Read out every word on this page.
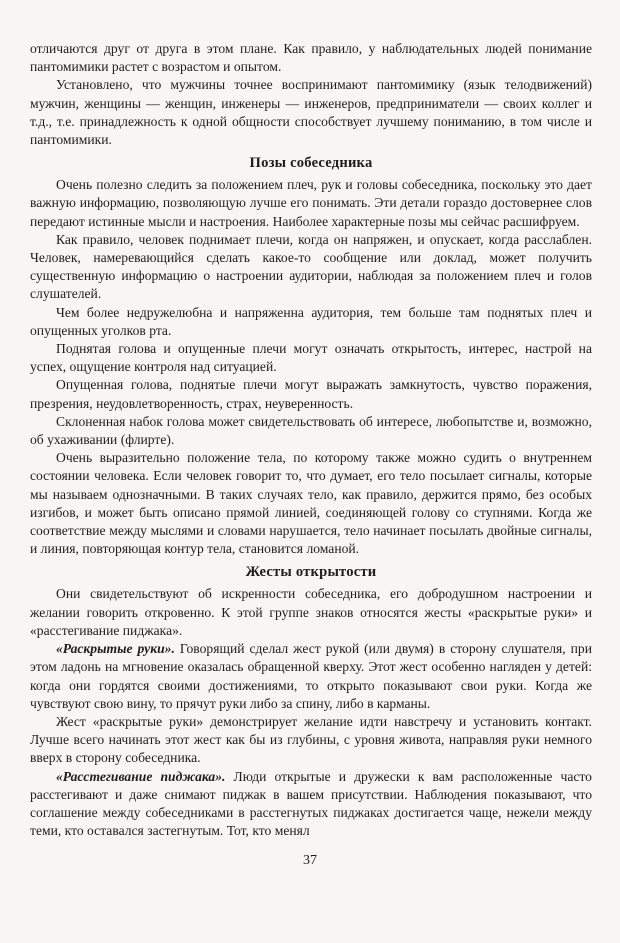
отличаются друг от друга в этом плане. Как правило, у наблюдательных людей понимание пантомимики растет с возрастом и опытом.

Установлено, что мужчины точнее воспринимают пантомимику (язык телодвижений) мужчин, женщины — женщин, инженеры — инженеров, предприниматели — своих коллег и т.д., т.е. принадлежность к одной общности способствует лучшему пониманию, в том числе и пантомимики.

Позы собеседника

Очень полезно следить за положением плеч, рук и головы собеседника, поскольку это дает важную информацию, позволяющую лучше его понимать. Эти детали гораздо достовернее слов передают истинные мысли и настроения. Наиболее характерные позы мы сейчас расшифруем.

Как правило, человек поднимает плечи, когда он напряжен, и опускает, когда расслаблен. Человек, намеревающийся сделать какое-то сообщение или доклад, может получить существенную информацию о настроении аудитории, наблюдая за положением плеч и голов слушателей.

Чем более недружелюбна и напряженна аудитория, тем больше там поднятых плеч и опущенных уголков рта.

Поднятая голова и опущенные плечи могут означать открытость, интерес, настрой на успех, ощущение контроля над ситуацией.

Опущенная голова, поднятые плечи могут выражать замкнутость, чувство поражения, презрения, неудовлетворенность, страх, неуверенность.

Склоненная набок голова может свидетельствовать об интересе, любопытстве и, возможно, об ухаживании (флирте).

Очень выразительно положение тела, по которому также можно судить о внутреннем состоянии человека. Если человек говорит то, что думает, его тело посылает сигналы, которые мы называем однозначными. В таких случаях тело, как правило, держится прямо, без особых изгибов, и может быть описано прямой линией, соединяющей голову со ступнями. Когда же соответствие между мыслями и словами нарушается, тело начинает посылать двойные сигналы, и линия, повторяющая контур тела, становится ломаной.

Жесты открытости

Они свидетельствуют об искренности собеседника, его добродушном настроении и желании говорить откровенно. К этой группе знаков относятся жесты «раскрытые руки» и «расстегивание пиджака».

«Раскрытые руки». Говорящий сделал жест рукой (или двумя) в сторону слушателя, при этом ладонь на мгновение оказалась обращенной кверху. Этот жест особенно нагляден у детей: когда они гордятся своими достижениями, то открыто показывают свои руки. Когда же чувствуют свою вину, то прячут руки либо за спину, либо в карманы.

Жест «раскрытые руки» демонстрирует желание идти навстречу и установить контакт. Лучше всего начинать этот жест как бы из глубины, с уровня живота, направляя руки немного вверх в сторону собеседника.

«Расстегивание пиджака». Люди открытые и дружески к вам расположенные часто расстегивают и даже снимают пиджак в вашем присутствии. Наблюдения показывают, что соглашение между собеседниками в расстегнутых пиджаках достигается чаще, нежели между теми, кто оставался застегнутым. Тот, кто менял

37
